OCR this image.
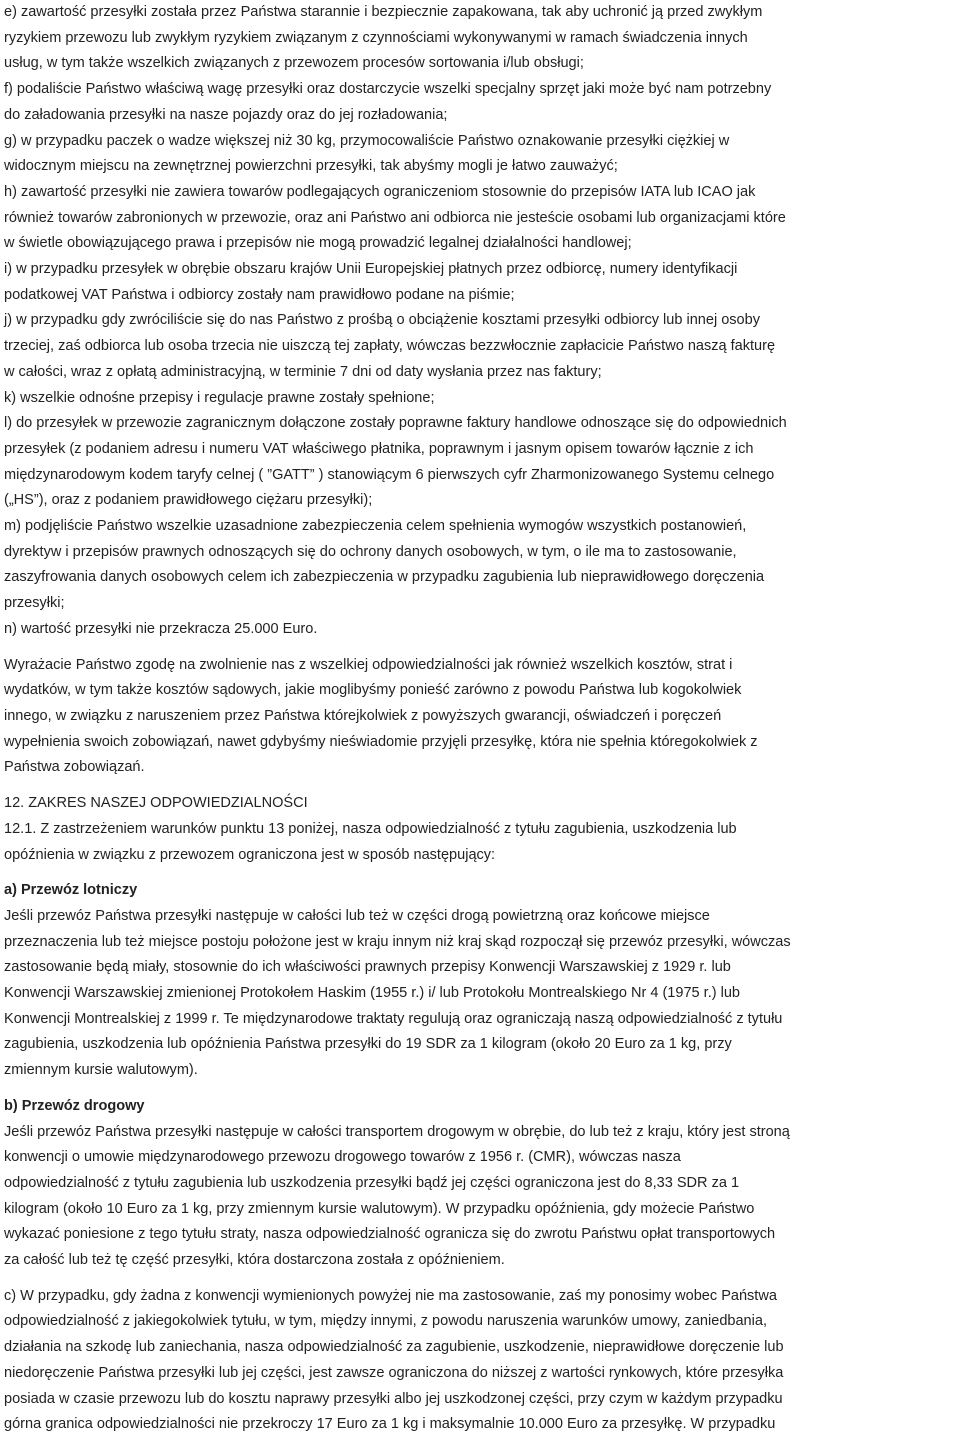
e) zawartość przesyłki została przez Państwa starannie i bezpiecznie zapakowana, tak aby uchronić ją przed zwykłym

ryzykiem przewozu lub zwykłym ryzykiem związanym z czynnościami wykonywanymi w ramach świadczenia innych

usług, w tym także wszelkich związanych z przewozem procesów sortowania i/lub obsługi;

f) podaliście Państwo właściwą wagę przesyłki oraz dostarczycie wszelki specjalny sprzęt jaki może być nam potrzebny

do załadowania przesyłki na nasze pojazdy oraz do jej rozładowania;

g) w przypadku paczek o wadze większej niż 30 kg, przymocowaliście Państwo oznakowanie przesyłki ciężkiej w

widocznym miejscu na zewnętrznej powierzchni przesyłki, tak abyśmy mogli je łatwo zauważyć;

h) zawartość przesyłki nie zawiera towarów podlegających ograniczeniom stosownie do przepisów IATA lub ICAO jak

również towarów zabronionych w przewozie, oraz ani Państwo ani odbiorca nie jesteście osobami lub organizacjami które

w świetle obowiązującego prawa i przepisów nie mogą prowadzić legalnej działalności handlowej;

i) w przypadku przesyłek w obrębie obszaru krajów Unii Europejskiej płatnych przez odbiorcę, numery identyfikacji

podatkowej VAT Państwa i odbiorcy zostały nam prawidłowo podane na piśmie;

j) w przypadku gdy zwróciliście się do nas Państwo z prośbą o obciążenie kosztami przesyłki odbiorcy lub innej osoby

trzeciej, zaś odbiorca lub osoba trzecia nie uiszczą tej zapłaty, wówczas bezzwłocznie zapłacicie Państwo naszą fakturę

w całości, wraz z opłatą administracyjną, w terminie 7 dni od daty wysłania przez nas faktury;

k) wszelkie odnośne przepisy i regulacje prawne zostały spełnione;

l) do przesyłek w przewozie zagranicznym dołączone zostały poprawne faktury handlowe odnoszące się do odpowiednich

przesyłek (z podaniem adresu i numeru VAT właściwego płatnika, poprawnym i jasnym opisem towarów łącznie z ich

międzynarodowym kodem taryfy celnej ( ”GATT” ) stanowiącym 6 pierwszych cyfr Zharmonizowanego Systemu celnego

(„HS”), oraz z podaniem prawidłowego ciężaru przesyłki);

m) podjęliście Państwo wszelkie uzasadnione zabezpieczenia celem spełnienia wymogów wszystkich postanowień,

dyrektyw i przepisów prawnych odnoszących się do ochrony danych osobowych, w tym, o ile ma to zastosowanie,

zaszyfrowania danych osobowych celem ich zabezpieczenia w przypadku zagubienia lub nieprawidłowego doręczenia

przesyłki;

n) wartość przesyłki nie przekracza 25.000 Euro.

Wyrażacie Państwo zgodę na zwolnienie nas z wszelkiej odpowiedzialności jak również wszelkich kosztów, strat i

wydatków, w tym także kosztów sądowych, jakie moglibyśmy ponieść zarówno z powodu Państwa lub kogokolwiek

innego, w związku z naruszeniem przez Państwa którejkolwiek z powyższych gwarancji, oświadczeń i poręczeń

wypełnienia swoich zobowiązań, nawet gdybyśmy nieświadomie przyjęli przesyłkę, która nie spełnia któregokolwiek z

Państwa zobowiązań.

12. ZAKRES NASZEJ ODPOWIEDZIALNOŚCI

12.1. Z zastrzeżeniem warunków punktu 13 poniżej, nasza odpowiedzialność z tytułu zagubienia, uszkodzenia lub

opóźnienia w związku z przewozem ograniczona jest w sposób następujący:

a) Przewóz lotniczy

Jeśli przewóz Państwa przesyłki następuje w całości lub też w części drogą powietrzną oraz końcowe miejsce

przeznaczenia lub też miejsce postoju położone jest w kraju innym niż kraj skąd rozpoczął się przewóz przesyłki, wówczas

zastosowanie będą miały, stosownie do ich właściwości prawnych przepisy Konwencji Warszawskiej z 1929 r. lub

Konwencji Warszawskiej zmienionej Protokołem Haskim (1955 r.) i/ lub Protokołu Montrealskiego Nr 4 (1975 r.) lub

Konwencji Montrealskiej z 1999 r. Te międzynarodowe traktaty regulują oraz ograniczają naszą odpowiedzialność z tytułu

zagubienia, uszkodzenia lub opóźnienia Państwa przesyłki do 19 SDR za 1 kilogram (około 20 Euro za 1 kg, przy

zmiennym kursie walutowym).

b) Przewóz drogowy

Jeśli przewóz Państwa przesyłki następuje w całości transportem drogowym w obrębie, do lub też z kraju, który jest stroną

konwencji o umowie międzynarodowego przewozu drogowego towarów z 1956 r. (CMR), wówczas nasza

odpowiedzialność z tytułu zagubienia lub uszkodzenia przesyłki bądź jej części ograniczona jest do 8,33 SDR za 1

kilogram (około 10 Euro za 1 kg, przy zmiennym kursie walutowym). W przypadku opóźnienia, gdy możecie Państwo

wykazać poniesione z tego tytułu straty, nasza odpowiedzialność ogranicza się do zwrotu Państwu opłat transportowych

za całość lub też tę część przesyłki, która dostarczona została z opóźnieniem.

c) W przypadku, gdy żadna z konwencji wymienionych powyżej nie ma zastosowanie, zaś my ponosimy wobec Państwa

odpowiedzialność z jakiegokolwiek tytułu, w tym, między innymi, z powodu naruszenia warunków umowy, zaniedbania,

działania na szkodę lub zaniechania, nasza odpowiedzialność za zagubienie, uszkodzenie, nieprawidłowe doręczenie lub

niedoręczenie Państwa przesyłki lub jej części, jest zawsze ograniczona do niższej z wartości rynkowych, które przesyłka

posiada w czasie przewozu lub do kosztu naprawy przesyłki albo jej uszkodzonej części, przy czym w każdym przypadku

górna granica odpowiedzialności nie przekroczy 17 Euro za 1 kg i maksymalnie 10.000 Euro za przesyłkę. W przypadku
